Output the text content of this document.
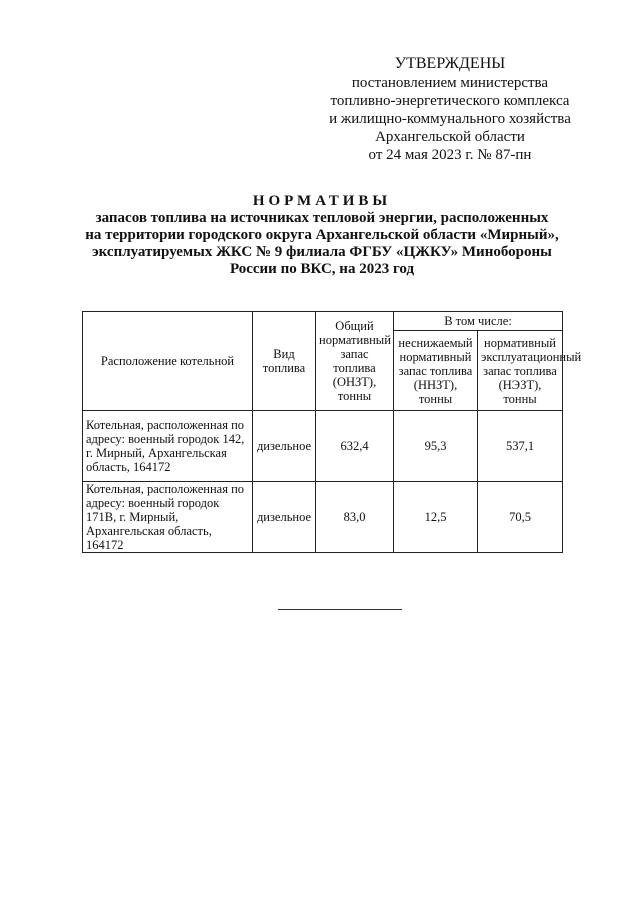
УТВЕРЖДЕНЫ
постановлением министерства
топливно-энергетического комплекса
и жилищно-коммунального хозяйства
Архангельской области
от 24 мая 2023 г. № 87-пн
НОРМАТИВЫ
запасов топлива на источниках тепловой энергии, расположенных
на территории городского округа Архангельской области «Мирный»,
эксплуатируемых ЖКС № 9 филиала ФГБУ «ЦЖКУ» Минобороны
России по ВКС, на 2023 год
Расположение котельной	Вид топлива	Общий нормативный запас топлива (ОНЗТ), тонны	В том числе:	
			неснижаемый нормативный запас топлива (ННЗТ), тонны	нормативный эксплуатационный запас топлива (НЭЗТ), тонны
Котельная, расположенная по адресу: военный городок 142, г. Мирный, Архангельская область, 164172	дизельное	632,4	95,3	537,1
Котельная, расположенная по адресу: военный городок 171В, г. Мирный, Архангельская область, 164172	дизельное	83,0	12,5	70,5
